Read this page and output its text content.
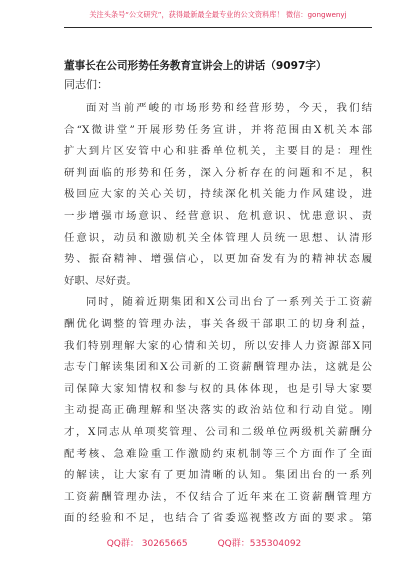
关注头条号“公文研究”，获得最新最全最专业的公文资料库！ 微信：gongwenyj
董事长在公司形势任务教育宣讲会上的讲话（9097字）
同志们：

面对当前严峻的市场形势和经营形势，今天，我们结
合“X微讲堂”开展形势任务宣讲，并将范围由X机关本部
扩大到片区安管中心和驻番单位机关，主要目的是：理性
研判面临的形势和任务，深入分析存在的问题和不足，积
极回应大家的关心关切，持续深化机关能力作风建设，进
一步增强市场意识、经营意识、危机意识、忧患意识、责
任意识，动员和激励机关全体管理人员统一思想、认清形
势、振奋精神、增强信心，以更加奋发有为的精神状态履
好职、尽好责。

同时，随着近期集团和X公司出台了一系列关于工资薪
酬优化调整的管理办法，事关各级干部职工的切身利益，
我们特别理解大家的心情和关切，所以安排人力资源部X同
志专门解读集团和X公司新的工资薪酬管理办法，这就是公
司保障大家知情权和参与权的具体体现，也是引导大家要
主动提高正确理解和坚决落实的政治站位和行动自觉。刚
才，X同志从单项奖管理、公司和二级单位两级机关薪酬分
配考核、急难险重工作激励约束机制等三个方面作了全面
的解读，让大家有了更加清晰的认知。集团出台的一系列
工资薪酬管理办法，不仅结合了近年来在工资薪酬管理方
面的经验和不足，也结合了省委巡视整改方面的要求。第

QQ群： 30265665	QQ群：535304092
